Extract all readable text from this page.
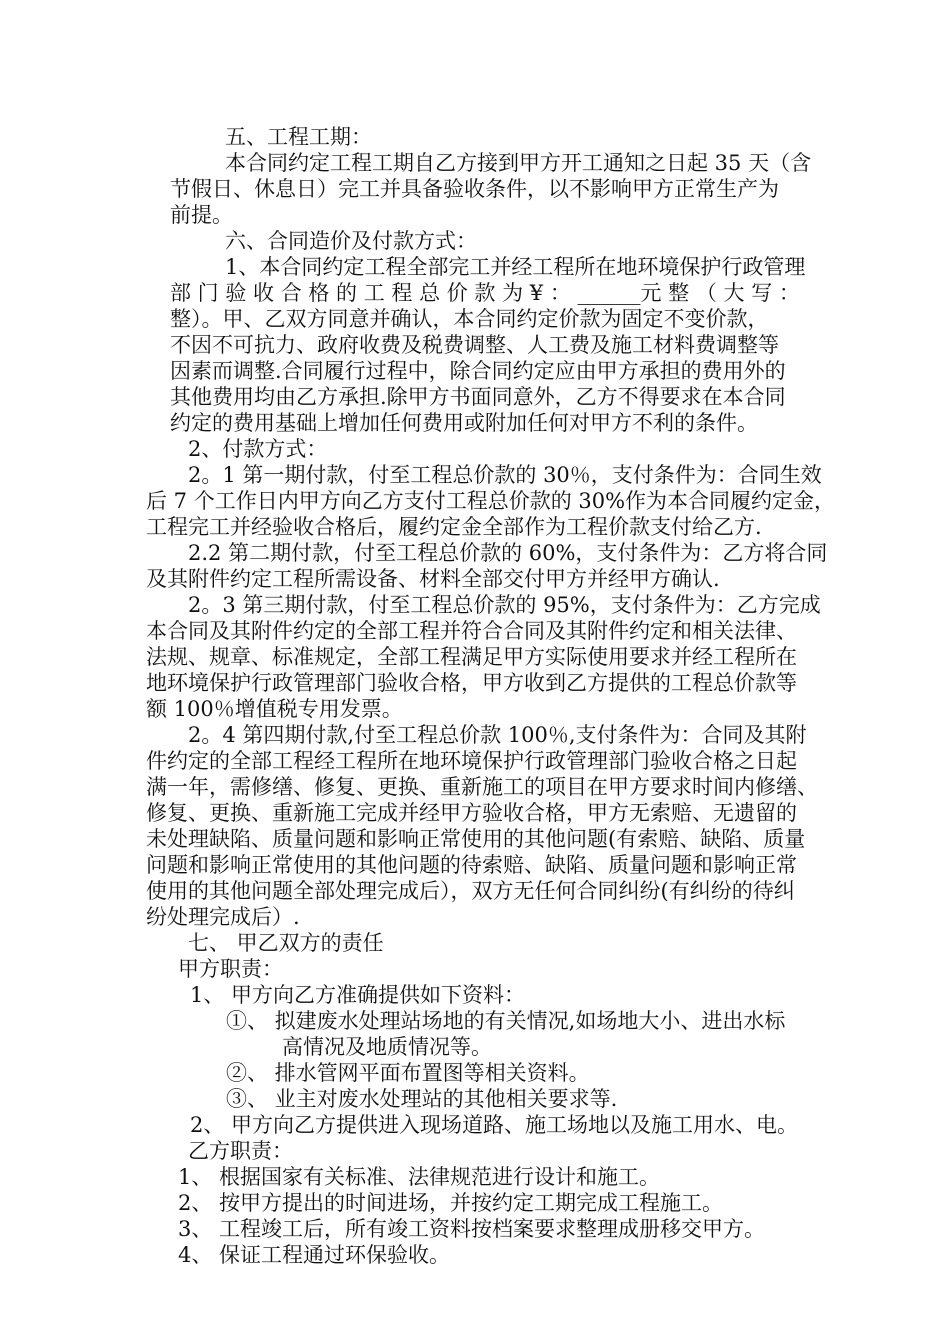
五、工程工期：
本合同约定工程工期自乙方接到甲方开工通知之日起 35 天（含
节假日、休息日）完工并具备验收条件，以不影响甲方正常生产为
前提。
六、合同造价及付款方式：
1、本合同约定工程全部完工并经工程所在地环境保护行政管理
部 门 验 收 合 格 的 工 程 总 价 款 为 ¥ ： ______元 整 （ 大 写 ：
整）。甲、乙双方同意并确认，本合同约定价款为固定不变价款，
不因不可抗力、政府收费及税费调整、人工费及施工材料费调整等
因素而调整.合同履行过程中，除合同约定应由甲方承担的费用外的
其他费用均由乙方承担.除甲方书面同意外，乙方不得要求在本合同
约定的费用基础上增加任何费用或附加任何对甲方不利的条件。
2、付款方式：
2。1 第一期付款，付至工程总价款的 30％，支付条件为：合同生效
后 7 个工作日内甲方向乙方支付工程总价款的 30%作为本合同履约定金，
工程完工并经验收合格后，履约定金全部作为工程价款支付给乙方.
2.2 第二期付款，付至工程总价款的 60%，支付条件为：乙方将合同
及其附件约定工程所需设备、材料全部交付甲方并经甲方确认.
2。3 第三期付款，付至工程总价款的 95%，支付条件为：乙方完成
本合同及其附件约定的全部工程并符合合同及其附件约定和相关法律、
法规、规章、标准规定，全部工程满足甲方实际使用要求并经工程所在
地环境保护行政管理部门验收合格，甲方收到乙方提供的工程总价款等
额 100％增值税专用发票。
2。4 第四期付款,付至工程总价款 100％,支付条件为：合同及其附
件约定的全部工程经工程所在地环境保护行政管理部门验收合格之日起
满一年，需修缮、修复、更换、重新施工的项目在甲方要求时间内修缮、
修复、更换、重新施工完成并经甲方验收合格，甲方无索赔、无遗留的
未处理缺陷、质量问题和影响正常使用的其他问题(有索赔、缺陷、质量
问题和影响正常使用的其他问题的待索赔、缺陷、质量问题和影响正常
使用的其他问题全部处理完成后），双方无任何合同纠纷(有纠纷的待纠
纷处理完成后）.
七、 甲乙双方的责任
甲方职责：
1、 甲方向乙方准确提供如下资料：
①、 拟建废水处理站场地的有关情况,如场地大小、进出水标
高情况及地质情况等。
②、 排水管网平面布置图等相关资料。
③、 业主对废水处理站的其他相关要求等.
2、 甲方向乙方提供进入现场道路、施工场地以及施工用水、电。
乙方职责：
1、 根据国家有关标准、法律规范进行设计和施工。
2、 按甲方提出的时间进场，并按约定工期完成工程施工。
3、 工程竣工后，所有竣工资料按档案要求整理成册移交甲方。
4、 保证工程通过环保验收。
